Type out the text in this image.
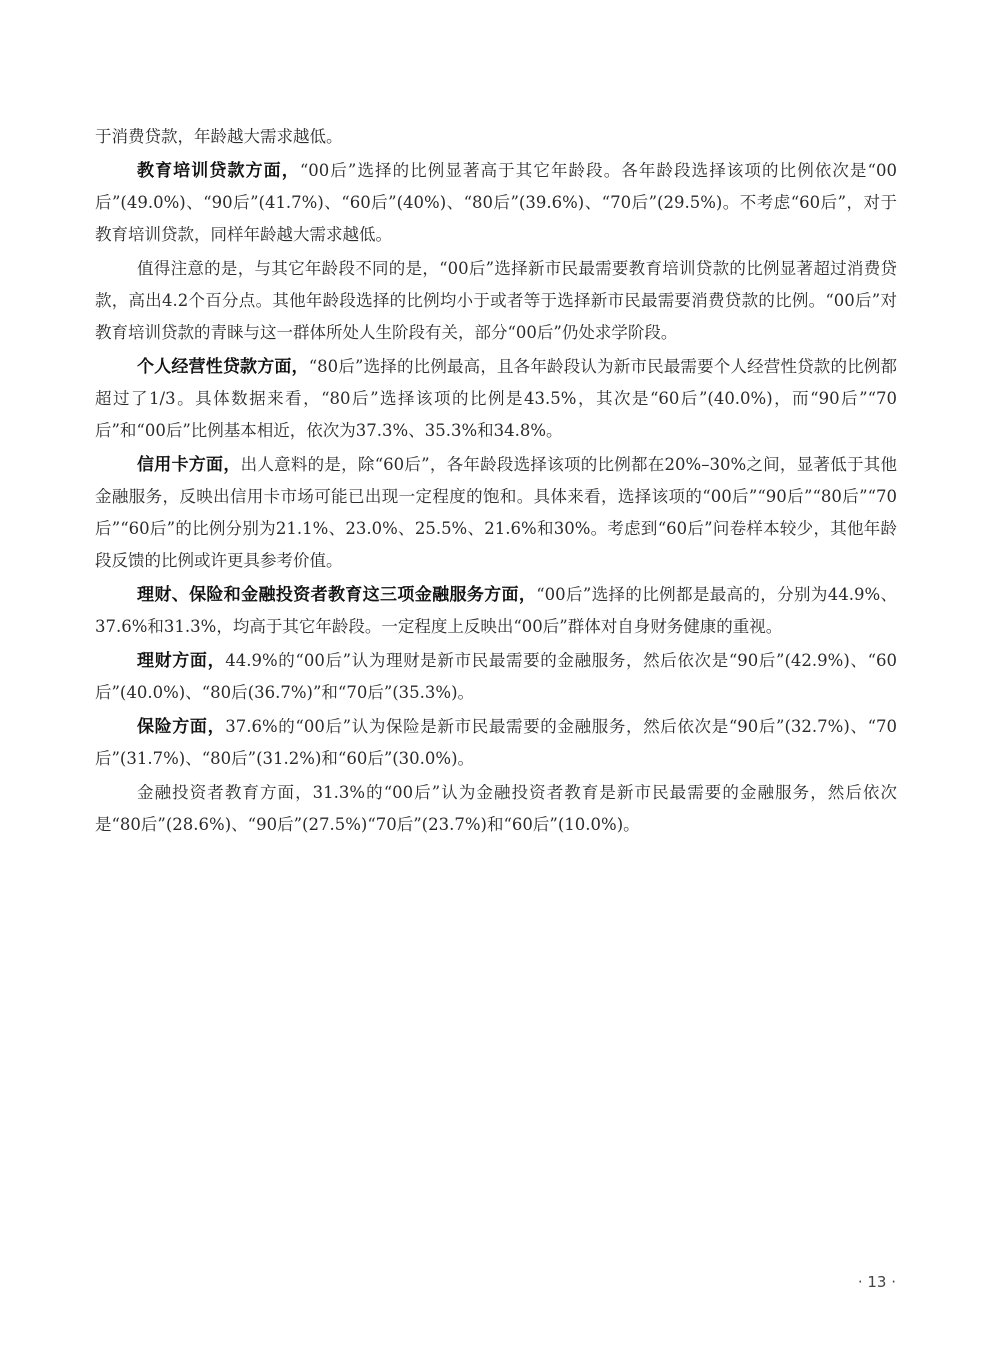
于消费贷款，年龄越大需求越低。

教育培训贷款方面，“00后”选择的比例显著高于其它年龄段。各年龄段选择该项的比例依次是“00后”(49.0%)、“90后”(41.7%)、“60后”(40%)、“80后”(39.6%)、“70后”(29.5%)。不考虑“60后”，对于教育培训贷款，同样年龄越大需求越低。

值得注意的是，与其它年龄段不同的是，“00后”选择新市民最需要教育培训贷款的比例显著超过消费贷款，高出4.2个百分点。其他年龄段选择的比例均小于或者等于选择新市民最需要消费贷款的比例。“00后”对教育培训贷款的青睐与这一群体所处人生阶段有关，部分“00后”仍处求学阶段。

个人经营性贷款方面，“80后”选择的比例最高，且各年龄段认为新市民最需要个人经营性贷款的比例都超过了1/3。具体数据来看，“80后”选择该项的比例是43.5%，其次是“60后”(40.0%)，而“90后”“70后”和“00后”比例基本相近，依次为37.3%、35.3%和34.8%。

信用卡方面，出人意料的是，除“60后”，各年龄段选择该项的比例都在20%–30%之间，显著低于其他金融服务，反映出信用卡市场可能已出现一定程度的饱和。具体来看，选择该项的“00后”“90后”“80后”“70后”“60后”的比例分别为21.1%、23.0%、25.5%、21.6%和30%。考虑到“60后”问卷样本较少，其他年龄段反馈的比例或许更具参考价值。

理财、保险和金融投资者教育这三项金融服务方面，“00后”选择的比例都是最高的，分别为44.9%、37.6%和31.3%，均高于其它年龄段。一定程度上反映出“00后”群体对自身财务健康的重视。

理财方面，44.9%的“00后”认为理财是新市民最需要的金融服务，然后依次是“90后”(42.9%)、“60后”(40.0%)、“80后(36.7%)”和“70后”(35.3%)。

保险方面，37.6%的“00后”认为保险是新市民最需要的金融服务，然后依次是“90后”(32.7%)、“70后”(31.7%)、“80后”(31.2%)和“60后”(30.0%)。

金融投资者教育方面，31.3%的“00后”认为金融投资者教育是新市民最需要的金融服务，然后依次是“80后”(28.6%)、“90后”(27.5%)“70后”(23.7%)和“60后”(10.0%)。

· 13 ·
